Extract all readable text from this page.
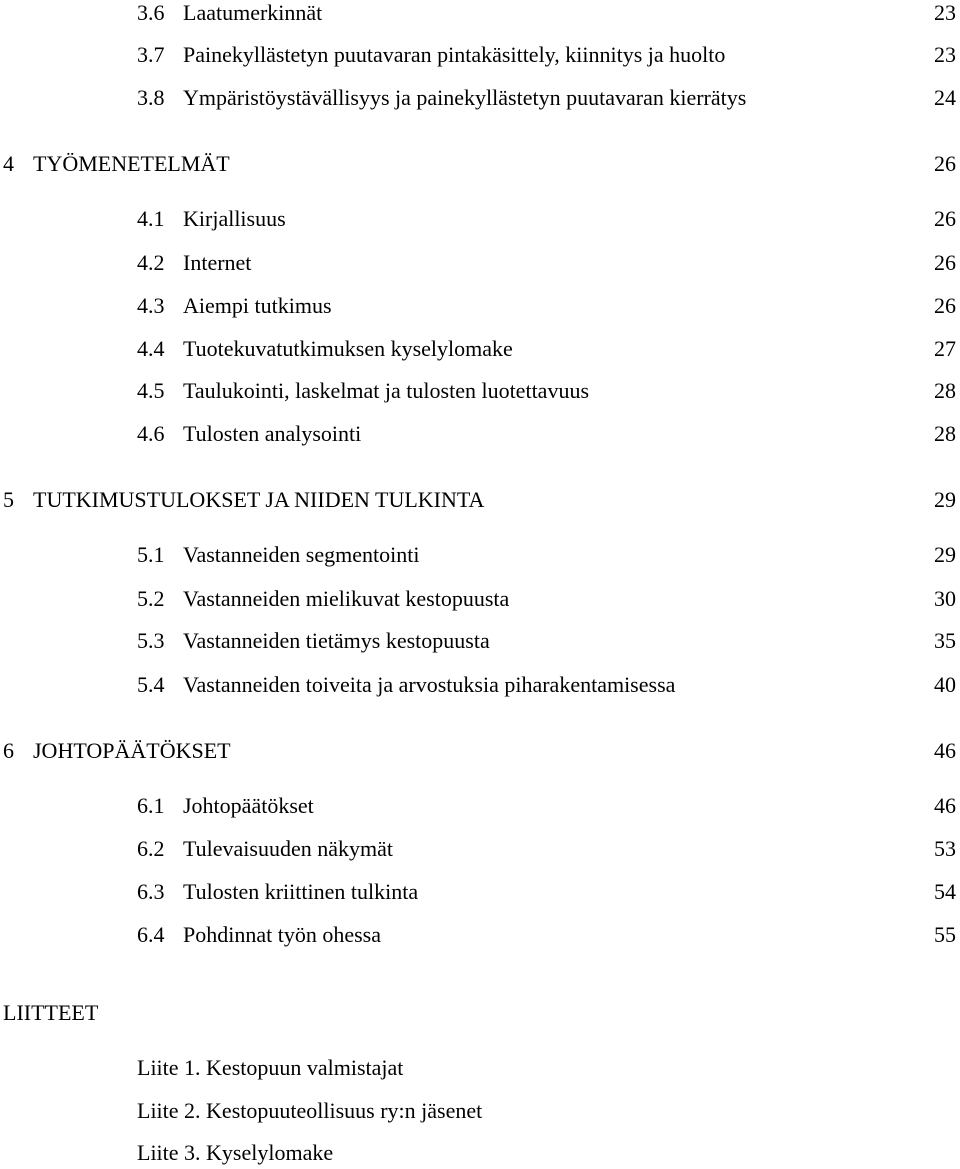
3.6 Laatumerkinnät	23
3.7 Painekyllästetyn puutavaran pintakäsittely, kiinnitys ja huolto	23
3.8 Ympäristöystävällisyys ja painekyllästetyn puutavaran kierrätys	24
4 TYÖMENETELMÄT	26
4.1 Kirjallisuus	26
4.2 Internet	26
4.3 Aiempi tutkimus	26
4.4 Tuotekuvatutkimuksen kyselylomake	27
4.5 Taulukointi, laskelmat ja tulosten luotettavuus	28
4.6 Tulosten analysointi	28
5 TUTKIMUSTULOKSET JA NIIDEN TULKINTA	29
5.1 Vastanneiden segmentointi	29
5.2 Vastanneiden mielikuvat kestopuusta	30
5.3 Vastanneiden tietämys kestopuusta	35
5.4 Vastanneiden toiveita ja arvostuksia piharakentamisessa	40
6 JOHTOPÄÄTÖKSET	46
6.1 Johtopäätökset	46
6.2 Tulevaisuuden näkymät	53
6.3 Tulosten kriittinen tulkinta	54
6.4 Pohdinnat työn ohessa	55
LIITTEET
Liite 1. Kestopuun valmistajat
Liite 2. Kestopuuteollisuus ry:n jäsenet
Liite 3. Kyselylomake
